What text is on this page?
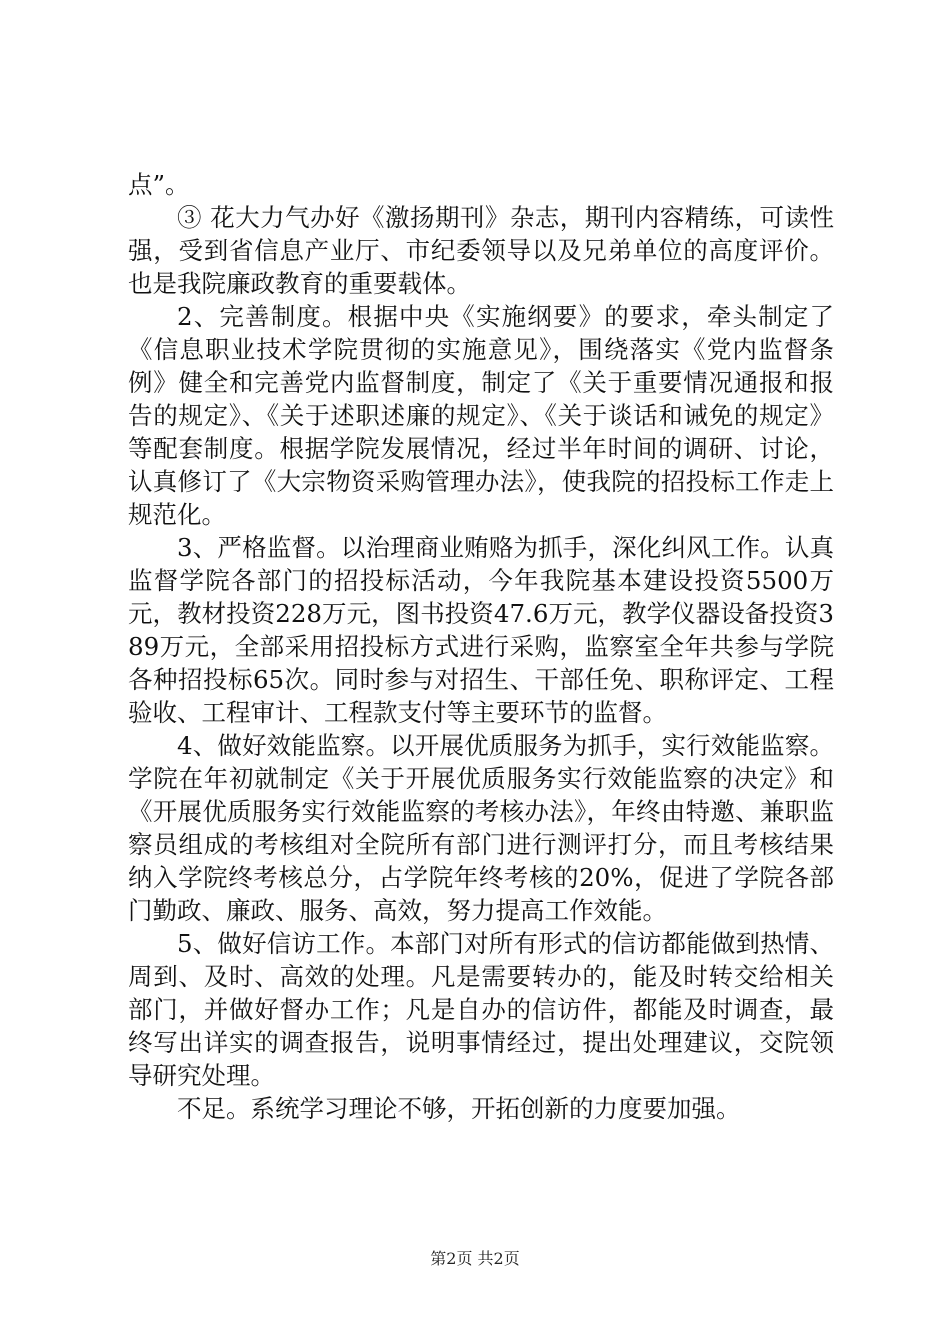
点”。

③ 花大力气办好《激扬期刊》杂志，期刊内容精练，可读性强，受到省信息产业厅、市纪委领导以及兄弟单位的高度评价。也是我院廉政教育的重要载体。

2、完善制度。根据中央《实施纲要》的要求，牵头制定了《信息职业技术学院贯彻的实施意见》，围绕落实《党内监督条例》健全和完善党内监督制度，制定了《关于重要情况通报和报告的规定》、《关于述职述廉的规定》、《关于谈话和诫免的规定》等配套制度。根据学院发展情况，经过半年时间的调研、讨论，认真修订了《大宗物资采购管理办法》，使我院的招投标工作走上规范化。

3、严格监督。以治理商业贿赂为抓手，深化纠风工作。认真监督学院各部门的招投标活动，今年我院基本建设投资5500万元，教材投资228万元，图书投资47.6万元，教学仪器设备投资389万元，全部采用招投标方式进行采购，监察室全年共参与学院各种招投标65次。同时参与对招生、干部任免、职称评定、工程验收、工程审计、工程款支付等主要环节的监督。

4、做好效能监察。以开展优质服务为抓手，实行效能监察。学院在年初就制定《关于开展优质服务实行效能监察的决定》和《开展优质服务实行效能监察的考核办法》，年终由特邀、兼职监察员组成的考核组对全院所有部门进行测评打分，而且考核结果纳入学院终考核总分，占学院年终考核的20%，促进了学院各部门勤政、廉政、服务、高效，努力提高工作效能。

5、做好信访工作。本部门对所有形式的信访都能做到热情、周到、及时、高效的处理。凡是需要转办的，能及时转交给相关部门，并做好督办工作；凡是自办的信访件，都能及时调查，最终写出详实的调查报告，说明事情经过，提出处理建议，交院领导研究处理。

不足。系统学习理论不够，开拓创新的力度要加强。

第2页 共2页
